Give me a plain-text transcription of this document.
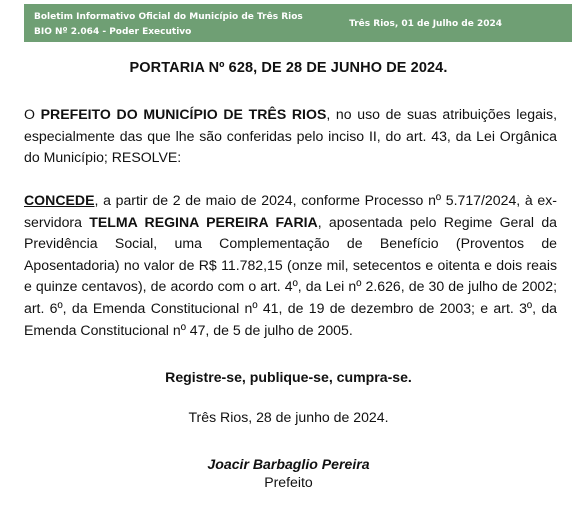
Boletim Informativo Oficial do Município de Três Rios
BIO Nº 2.064 - Poder Executivo
Três Rios, 01 de Julho de 2024
PORTARIA Nº 628, DE 28 DE JUNHO DE 2024.

O PREFEITO DO MUNICÍPIO DE TRÊS RIOS, no uso de suas atribuições legais, especialmente das que lhe são conferidas pelo inciso II, do art. 43, da Lei Orgânica do Município; RESOLVE:

CONCEDE, a partir de 2 de maio de 2024, conforme Processo nº 5.717/2024, à ex-servidora TELMA REGINA PEREIRA FARIA, aposentada pelo Regime Geral da Previdência Social, uma Complementação de Benefício (Proventos de Aposentadoria) no valor de R$ 11.782,15 (onze mil, setecentos e oitenta e dois reais e quinze centavos), de acordo com o art. 4º, da Lei nº 2.626, de 30 de julho de 2002; art. 6º, da Emenda Constitucional nº 41, de 19 de dezembro de 2003; e art. 3º, da Emenda Constitucional nº 47, de 5 de julho de 2005.

Registre-se, publique-se, cumpra-se.

Três Rios, 28 de junho de 2024.

Joacir Barbaglio Pereira

Prefeito
